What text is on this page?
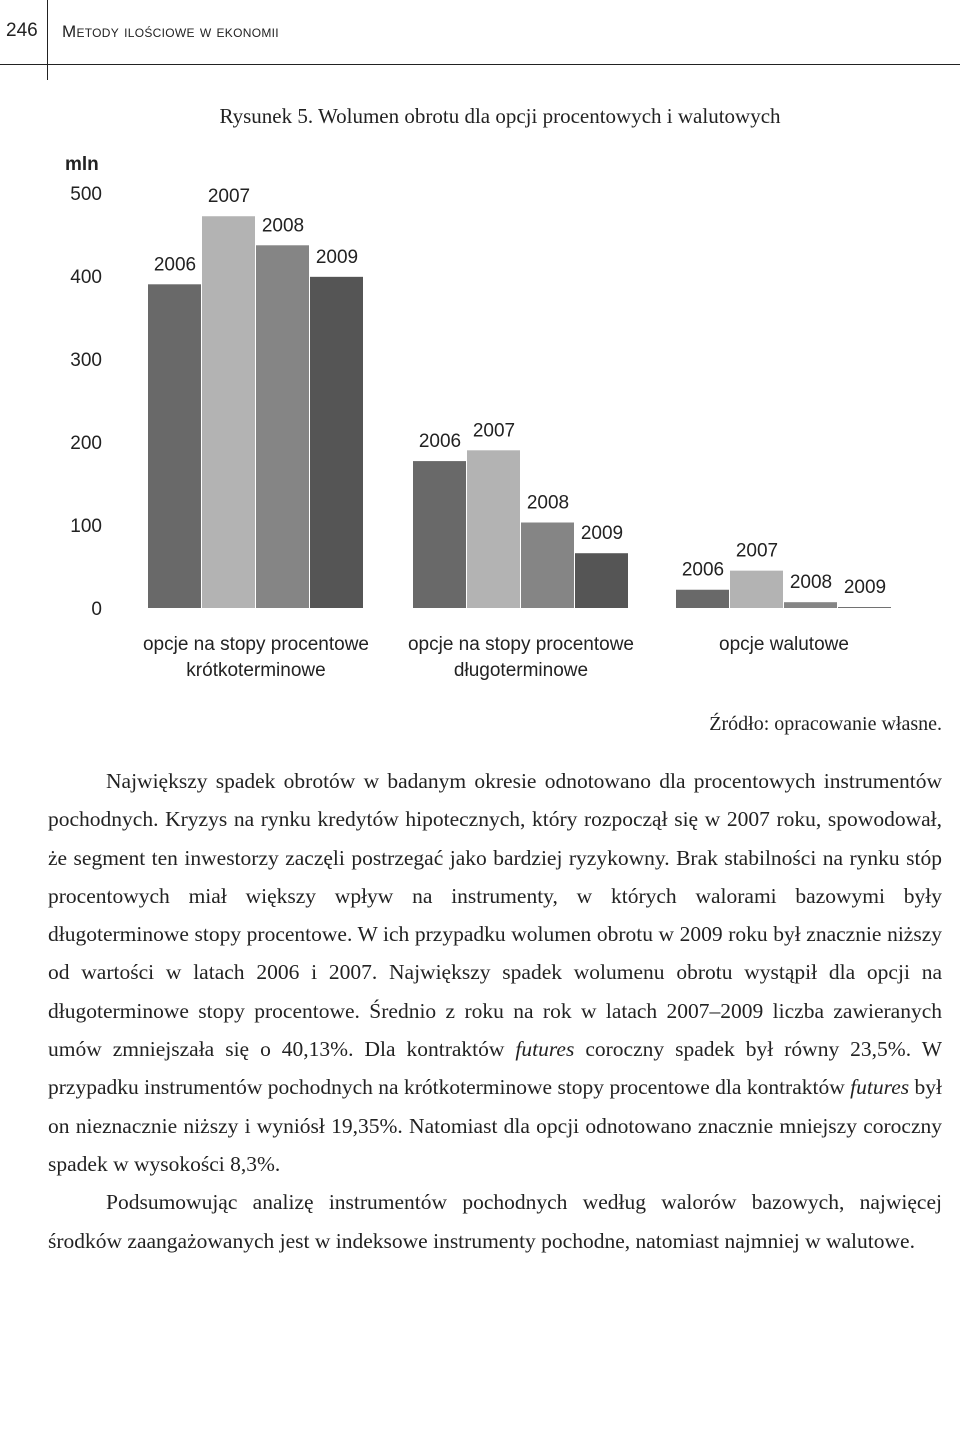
246 Metody ilościowe w ekonomii
Rysunek 5. Wolumen obrotu dla opcji procentowych i walutowych
mln
0
100
200
300
400
500
2006
2006
2006
2007
2007
2007
2008
2008
2008
2009
2009
2009
opcje na stopy procentowe
krótkoterminowe
opcje na stopy procentowe
długoterminowe
opcje walutowe
Źródło: opracowanie własne.

Największy spadek obrotów w badanym okresie odnotowano dla procentowych instrumentów pochodnych. Kryzys na rynku kredytów hipotecznych, który rozpoczął się w 2007 roku, spowodował, że segment ten inwestorzy zaczęli postrzegać jako bardziej ryzykowny. Brak stabilności na rynku stóp procentowych miał większy wpływ na instrumenty, w których walorami bazowymi były długoterminowe stopy procentowe. W ich przypadku wolumen obrotu w 2009 roku był znacznie niższy od wartości w latach 2006 i 2007. Największy spadek wolumenu obrotu wystąpił dla opcji na długoterminowe stopy procentowe. Średnio z roku na rok w latach 2007–2009 liczba zawieranych umów zmniejszała się o 40,13%. Dla kontraktów futures coroczny spadek był równy 23,5%. W przypadku instrumentów pochodnych na krótkoterminowe stopy procentowe dla kontraktów futures był on nieznacznie niższy i wyniósł 19,35%. Natomiast dla opcji odnotowano znacznie mniejszy coroczny spadek w wysokości 8,3%.

Podsumowując analizę instrumentów pochodnych według walorów bazowych, najwięcej środków zaangażowanych jest w indeksowe instrumenty pochodne, natomiast najmniej w walutowe.
